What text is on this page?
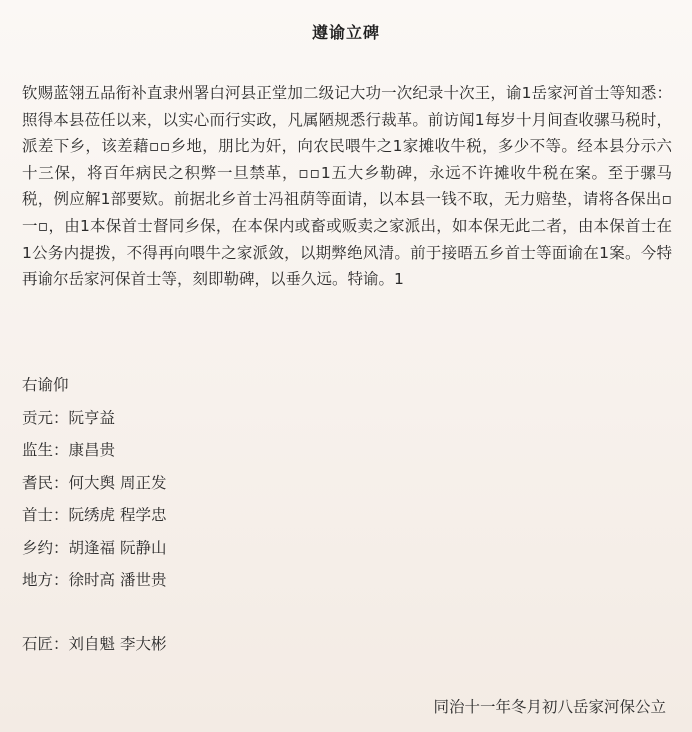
遵谕立碑
钦赐蓝翎五品衔补直隶州署白河县正堂加二级记大功一次纪录十次王，谕1岳家河首士等知悉：照得本县莅任以来，以实心而行实政，凡属陋规悉行裁革。前访闻1每岁十月间查收骡马税时，派差下乡，该差藉▫▫乡地，朋比为奸，向农民喂牛之1家摊收牛税，多少不等。经本县分示六十三保，将百年病民之积弊一旦禁革，▫▫1五大乡勒碑，永远不许摊收牛税在案。至于骡马税，例应解1部要欵。前据北乡首士冯祖荫等面请，以本县一钱不取，无力赔垫，请将各保出▫一▫，由1本保首士督同乡保，在本保内或畜或贩卖之家派出，如本保无此二者，由本保首士在1公务内提拨，不得再向喂牛之家派敛，以期弊绝风清。前于接晤五乡首士等面谕在1案。今特再谕尔岳家河保首士等，刻即勒碑，以垂久远。特谕。1
右谕仰
贡元：阮亨益
监生：康昌贵
耆民：何大舆 周正发
首士：阮绣虎 程学忠
乡约：胡逢福 阮静山
地方：徐时高 潘世贵
石匠：刘自魁 李大彬
同治十一年冬月初八岳家河保公立
